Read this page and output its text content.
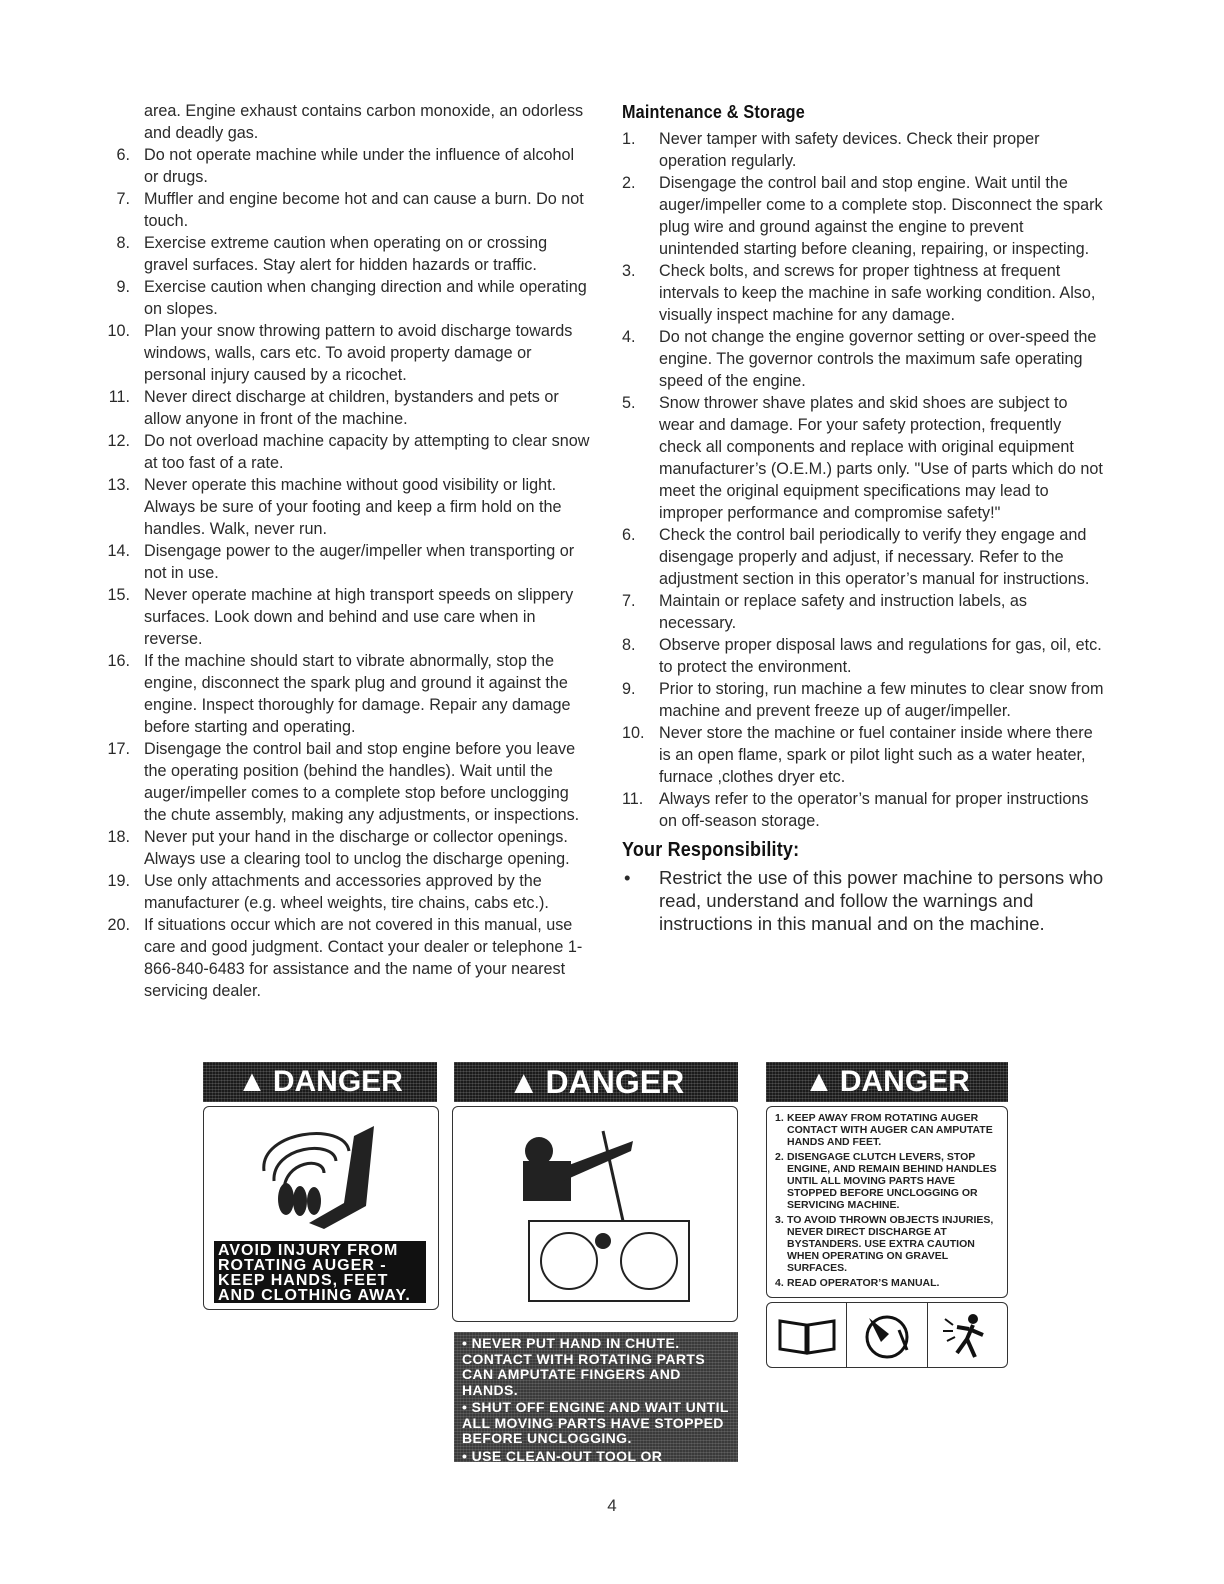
area. Engine exhaust contains carbon monoxide, an odorless and deadly gas.

6. Do not operate machine while under the influence of alcohol or drugs.
7. Muffler and engine become hot and can cause a burn. Do not touch.
8. Exercise extreme caution when operating on or crossing gravel surfaces. Stay alert for hidden hazards or traffic.
9. Exercise caution when changing direction and while operating on slopes.
10. Plan your snow throwing pattern to avoid discharge towards windows, walls, cars etc. To avoid property damage or personal injury caused by a ricochet.
11. Never direct discharge at children, bystanders and pets or allow anyone in front of the machine.
12. Do not overload machine capacity by attempting to clear snow at too fast of a rate.
13. Never operate this machine without good visibility or light. Always be sure of your footing and keep a firm hold on the handles. Walk, never run.
14. Disengage power to the auger/impeller when transporting or not in use.
15. Never operate machine at high transport speeds on slippery surfaces. Look down and behind and use care when in reverse.
16. If the machine should start to vibrate abnormally, stop the engine, disconnect the spark plug and ground it against the engine. Inspect thoroughly for damage. Repair any damage before starting and operating.
17. Disengage the control bail and stop engine before you leave the operating position (behind the handles). Wait until the auger/impeller comes to a complete stop before unclogging the chute assembly, making any adjustments, or inspections.
18. Never put your hand in the discharge or collector openings. Always use a clearing tool to unclog the discharge opening.
19. Use only attachments and accessories approved by the manufacturer (e.g. wheel weights, tire chains, cabs etc.).
20. If situations occur which are not covered in this manual, use care and good judgment. Contact your dealer or telephone 1-866-840-6483 for assistance and the name of your nearest servicing dealer.
Maintenance & Storage
1.	Never tamper with safety devices. Check their proper operation regularly.
2.	Disengage the control bail and stop engine. Wait until the auger/impeller come to a complete stop. Disconnect the spark plug wire and ground against the engine to prevent unintended starting before cleaning, repairing, or inspecting.
3.	Check bolts, and screws for proper tightness at frequent intervals to keep the machine in safe working condition. Also, visually inspect machine for any damage.
4.	Do not change the engine governor setting or over-speed the engine. The governor controls the maximum safe operating speed of the engine.
5.	Snow thrower shave plates and skid shoes are subject to wear and damage. For your safety protection, frequently check all components and replace with original equipment manufacturer’s (O.E.M.) parts only. "Use of parts which do not meet the original equipment specifications may lead to improper performance and compromise safety!"
6.	Check the control bail periodically to verify they engage and disengage properly and adjust, if necessary. Refer to the adjustment section in this operator’s manual for instructions.
7.	Maintain or replace safety and instruction labels, as necessary.
8.	Observe proper disposal laws and regulations for gas, oil, etc. to protect the environment.
9.	Prior to storing, run machine a few minutes to clear snow from machine and prevent freeze up of auger/impeller.
10. Never store the machine or fuel container inside where there is an open flame, spark or pilot light such as a water heater, furnace ,clothes dryer etc.
11. Always refer to the operator’s manual for proper instructions on off-season storage.
Your Responsibility:
• Restrict the use of this power machine to persons who read, understand and follow the warnings and instructions in this manual and on the machine.
▲ DANGER
AVOID INJURY FROM
ROTATING AUGER -
KEEP HANDS, FEET
AND CLOTHING AWAY.
▲ DANGER
• NEVER PUT HAND IN CHUTE. CONTACT WITH ROTATING PARTS CAN AMPUTATE FINGERS AND HANDS.
• SHUT OFF ENGINE AND WAIT UNTIL ALL MOVING PARTS HAVE STOPPED BEFORE UNCLOGGING.
• USE CLEAN-OUT TOOL OR WOODEN STICK TO UNCLOG DISCHARGE CHUTE.
▲ DANGER
1. KEEP AWAY FROM ROTATING AUGER CONTACT WITH AUGER CAN AMPUTATE HANDS AND FEET.
2. DISENGAGE CLUTCH LEVERS, STOP ENGINE, AND REMAIN BEHIND HANDLES UNTIL ALL MOVING PARTS HAVE STOPPED BEFORE UNCLOGGING OR SERVICING MACHINE.
3. TO AVOID THROWN OBJECTS INJURIES, NEVER DIRECT DISCHARGE AT BYSTANDERS. USE EXTRA CAUTION WHEN OPERATING ON GRAVEL SURFACES.
4. READ OPERATOR’S MANUAL.
4
